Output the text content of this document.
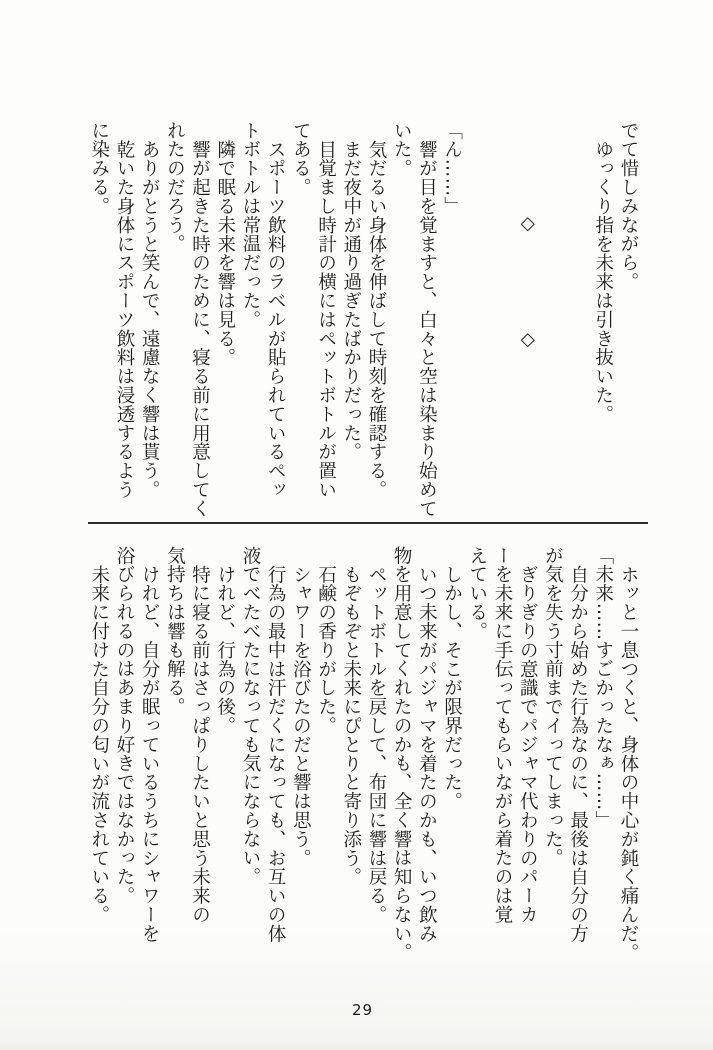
でて惜しみながら。
ゆっくり指を未来は引き抜いた。
◇　　　　　◇
「ん……」
響が目を覚ますと、白々と空は染まり始めて
いた。
気だるい身体を伸ばして時刻を確認する。
まだ夜中が通り過ぎたばかりだった。
目覚まし時計の横にはペットボトルが置い
てある。
スポーツ飲料のラベルが貼られているペッ
トボトルは常温だった。
隣で眠る未来を響は見る。
響が起きた時のために、寝る前に用意してく
れたのだろう。
ありがとうと笑んで、遠慮なく響は貰う。
乾いた身体にスポーツ飲料は浸透するよう
に染みる。
ホッと一息つくと、身体の中心が鈍く痛んだ。
「未来……すごかったなぁ……」
自分から始めた行為なのに、最後は自分の方
が気を失う寸前までイってしまった。
ぎりぎりの意識でパジャマ代わりのパーカ
ーを未来に手伝ってもらいながら着たのは覚
えている。
しかし、そこが限界だった。
いつ未来がパジャマを着たのかも、いつ飲み
物を用意してくれたのかも、全く響は知らない。
ペットボトルを戻して、布団に響は戻る。
もぞもぞと未来にぴとりと寄り添う。
石鹸の香りがした。
シャワーを浴びたのだと響は思う。
行為の最中は汗だくになっても、お互いの体
液でべたべたになっても気にならない。
けれど、行為の後。
特に寝る前はさっぱりしたいと思う未来の
気持ちは響も解る。
けれど、自分が眠っているうちにシャワーを
浴びられるのはあまり好きではなかった。
未来に付けた自分の匂いが流されている。
29
